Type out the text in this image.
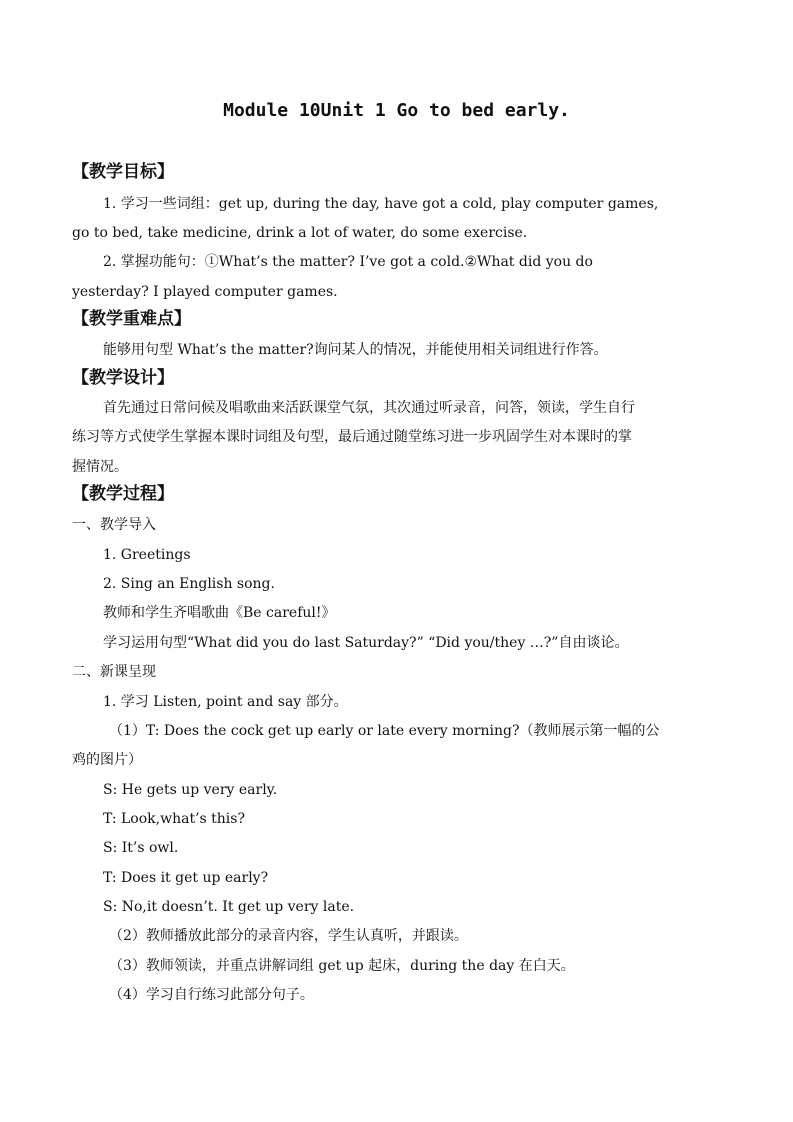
Module 10Unit 1 Go to bed early.
【教学目标】
1. 学习一些词组：get up, during the day, have got a cold, play computer games,
go to bed, take medicine, drink a lot of water, do some exercise.
2. 掌握功能句：①What’s the matter? I’ve got a cold.②What did you do
yesterday? I played computer games.
【教学重难点】
能够用句型 What’s the matter?询问某人的情况，并能使用相关词组进行作答。
【教学设计】
首先通过日常问候及唱歌曲来活跃课堂气氛，其次通过听录音，问答，领读，学生自行
练习等方式使学生掌握本课时词组及句型，最后通过随堂练习进一步巩固学生对本课时的掌
握情况。
【教学过程】
一、教学导入
1. Greetings
2. Sing an English song.
教师和学生齐唱歌曲《Be careful!》
学习运用句型“What did you do last Saturday?” “Did you/they …?”自由谈论。
二、新课呈现
1. 学习 Listen, point and say 部分。
（1）T: Does the cock get up early or late every morning?（教师展示第一幅的公
鸡的图片）
S: He gets up very early.
T: Look,what’s this?
S: It’s owl.
T: Does it get up early?
S: No,it doesn’t. It get up very late.
（2）教师播放此部分的录音内容，学生认真听，并跟读。
（3）教师领读，并重点讲解词组 get up 起床，during the day 在白天。
（4）学习自行练习此部分句子。
